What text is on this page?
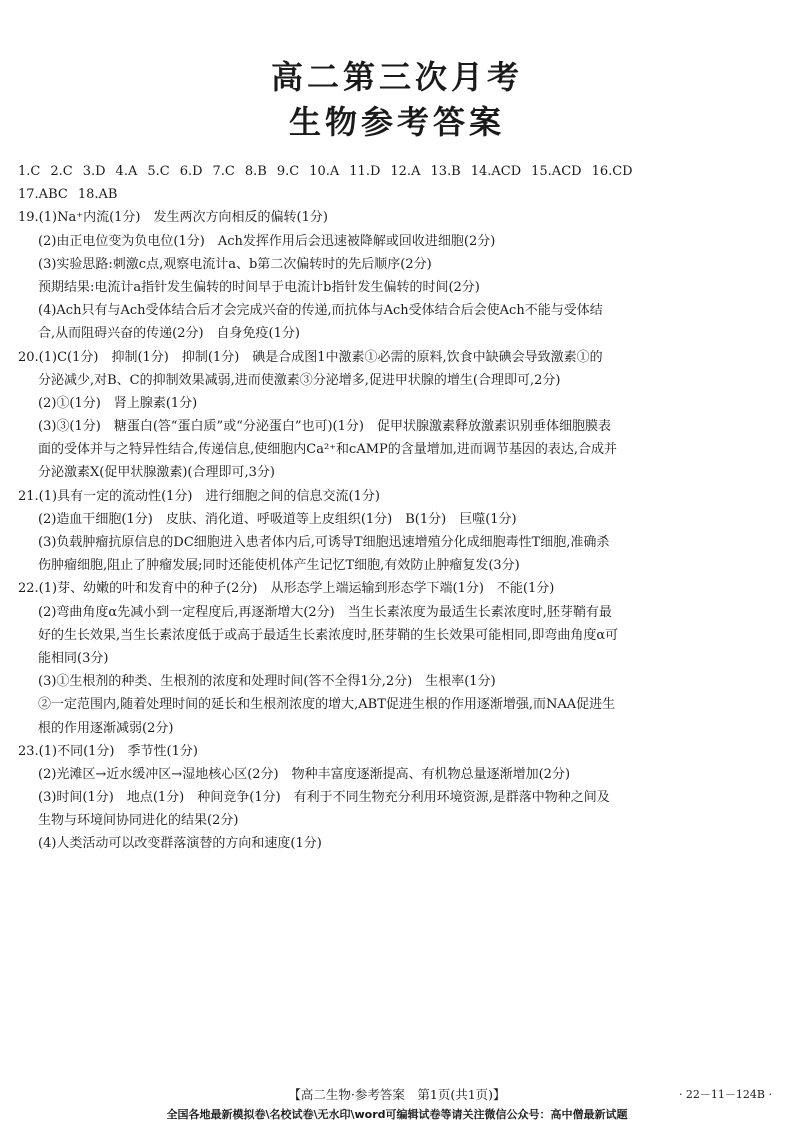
高二第三次月考
生物参考答案
1.C 2.C 3.D 4.A 5.C 6.D 7.C 8.B 9.C 10.A 11.D 12.A 13.B 14.ACD 15.ACD 16.CD
17.ABC 18.AB
19.(1)Na⁺内流(1分)　发生两次方向相反的偏转(1分)
(2)由正电位变为负电位(1分)　Ach发挥作用后会迅速被降解或回收进细胞(2分)
(3)实验思路:刺激c点,观察电流计a、b第二次偏转时的先后顺序(2分)
预期结果:电流计a指针发生偏转的时间早于电流计b指针发生偏转的时间(2分)
(4)Ach只有与Ach受体结合后才会完成兴奋的传递,而抗体与Ach受体结合后会使Ach不能与受体结
合,从而阻碍兴奋的传递(2分)　自身免疫(1分)
20.(1)C(1分)　抑制(1分)　抑制(1分)　碘是合成图1中激素①必需的原料,饮食中缺碘会导致激素①的
分泌减少,对B、C的抑制效果减弱,进而使激素③分泌增多,促进甲状腺的增生(合理即可,2分)
(2)①(1分)　肾上腺素(1分)
(3)③(1分)　糖蛋白(答“蛋白质”或“分泌蛋白”也可)(1分)　促甲状腺激素释放激素识别垂体细胞膜表
面的受体并与之特异性结合,传递信息,使细胞内Ca²⁺和cAMP的含量增加,进而调节基因的表达,合成并
分泌激素X(促甲状腺激素)(合理即可,3分)
21.(1)具有一定的流动性(1分)　进行细胞之间的信息交流(1分)
(2)造血干细胞(1分)　皮肤、消化道、呼吸道等上皮组织(1分)　B(1分)　巨噬(1分)
(3)负载肿瘤抗原信息的DC细胞进入患者体内后,可诱导T细胞迅速增殖分化成细胞毒性T细胞,准确杀
伤肿瘤细胞,阻止了肿瘤发展;同时还能使机体产生记忆T细胞,有效防止肿瘤复发(3分)
22.(1)芽、幼嫩的叶和发育中的种子(2分)　从形态学上端运输到形态学下端(1分)　不能(1分)
(2)弯曲角度α先减小到一定程度后,再逐渐增大(2分)　当生长素浓度为最适生长素浓度时,胚芽鞘有最
好的生长效果,当生长素浓度低于或高于最适生长素浓度时,胚芽鞘的生长效果可能相同,即弯曲角度α可
能相同(3分)
(3)①生根剂的种类、生根剂的浓度和处理时间(答不全得1分,2分)　生根率(1分)
②一定范围内,随着处理时间的延长和生根剂浓度的增大,ABT促进生根的作用逐渐增强,而NAA促进生
根的作用逐渐减弱(2分)
23.(1)不同(1分)　季节性(1分)
(2)光滩区→近水缓冲区→湿地核心区(2分)　物种丰富度逐渐提高、有机物总量逐渐增加(2分)
(3)时间(1分)　地点(1分)　种间竞争(1分)　有利于不同生物充分利用环境资源,是群落中物种之间及
生物与环境间协同进化的结果(2分)
(4)人类活动可以改变群落演替的方向和速度(1分)
【高二生物·参考答案　第1页(共1页)】	· 22－11－124B ·
全国各地最新模拟卷\名校试卷\无水印\word可编辑试卷等请关注微信公众号：高中僧最新试题
